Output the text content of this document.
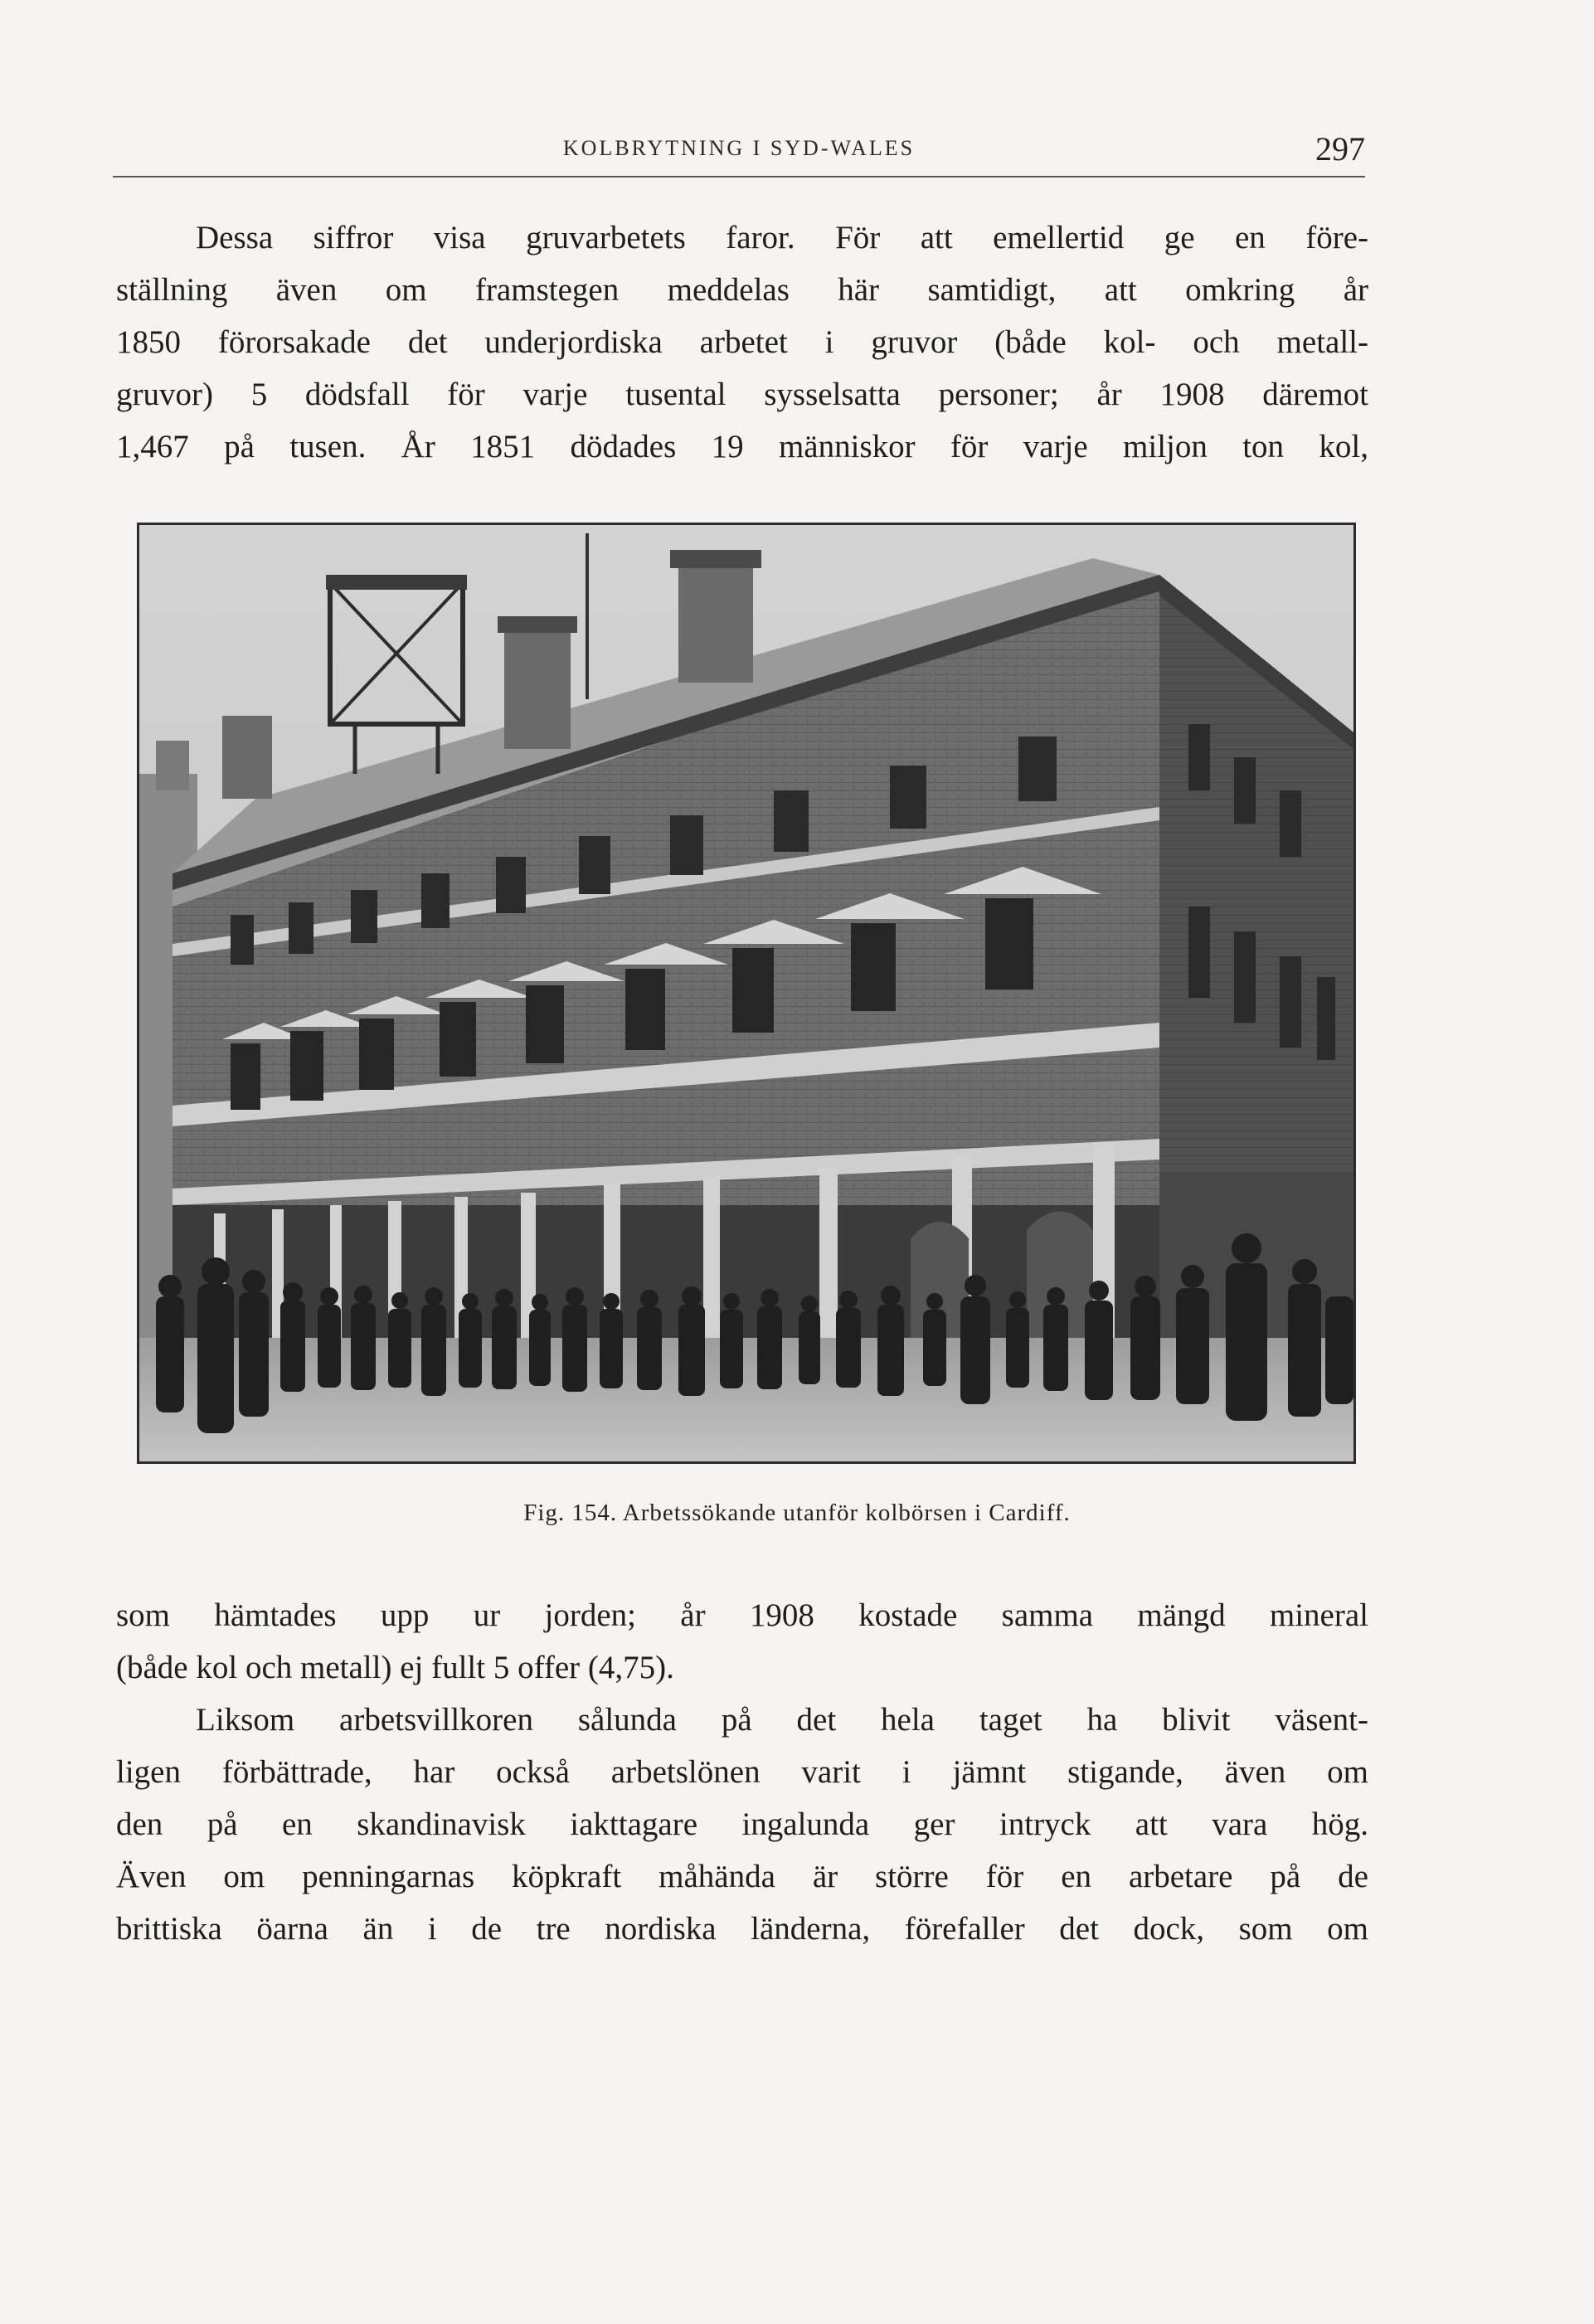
KOLBRYTNING I SYD-WALES	297
Dessa siffror visa gruvarbetets faror. För att emellertid ge en före-
ställning även om framstegen meddelas här samtidigt, att omkring år
1850 förorsakade det underjordiska arbetet i gruvor (både kol- och metall-
gruvor) 5 dödsfall för varje tusental sysselsatta personer; år 1908 däremot
1,467 på tusen. År 1851 dödades 19 människor för varje miljon ton kol,
Fig. 154. Arbetssökande utanför kolbörsen i Cardiff.
som hämtades upp ur jorden; år 1908 kostade samma mängd mineral
(både kol och metall) ej fullt 5 offer (4,75).
Liksom arbetsvillkoren sålunda på det hela taget ha blivit väsent-
ligen förbättrade, har också arbetslönen varit i jämnt stigande, även om
den på en skandinavisk iakttagare ingalunda ger intryck att vara hög.
Även om penningarnas köpkraft måhända är större för en arbetare på de
brittiska öarna än i de tre nordiska länderna, förefaller det dock, som om
